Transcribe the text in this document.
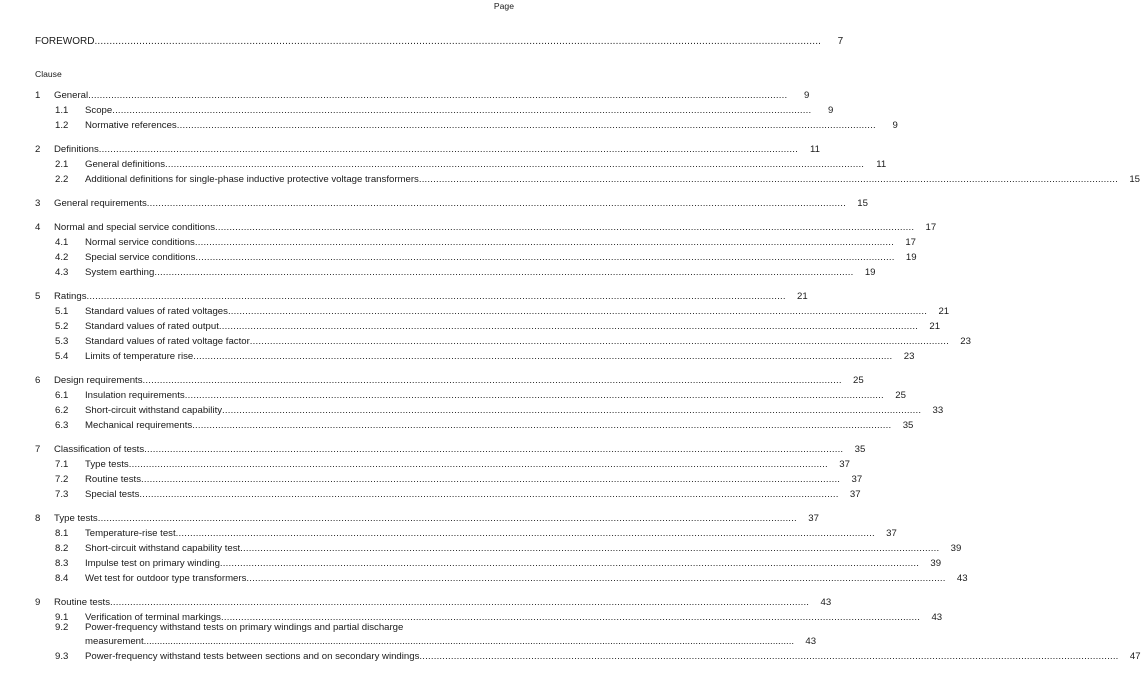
Page
FOREWORD .....	7
Clause
1	General .....	9
1.1	Scope .....	9
1.2	Normative references .....	9
2	Definitions .....	11
2.1	General definitions .....	11
2.2	Additional definitions for single-phase inductive protective voltage transformers .....	15
3	General requirements .....	15
4	Normal and special service conditions .....	17
4.1	Normal service conditions .....	17
4.2	Special service conditions .....	19
4.3	System earthing .....	19
5	Ratings .....	21
5.1	Standard values of rated voltages .....	21
5.2	Standard values of rated output .....	21
5.3	Standard values of rated voltage factor .....	23
5.4	Limits of temperature rise .....	23
6	Design requirements .....	25
6.1	Insulation requirements .....	25
6.2	Short-circuit withstand capability .....	33
6.3	Mechanical requirements .....	35
7	Classification of tests .....	35
7.1	Type tests .....	37
7.2	Routine tests .....	37
7.3	Special tests .....	37
8	Type tests .....	37
8.1	Temperature-rise test .....	37
8.2	Short-circuit withstand capability test .....	39
8.3	Impulse test on primary winding .....	39
8.4	Wet test for outdoor type transformers .....	43
9	Routine tests .....	43
9.1	Verification of terminal markings .....	43
9.2	Power-frequency withstand tests on primary windings and partial discharge
measurement .....	43
9.3	Power-frequency withstand tests between sections and on secondary windings .....	47
